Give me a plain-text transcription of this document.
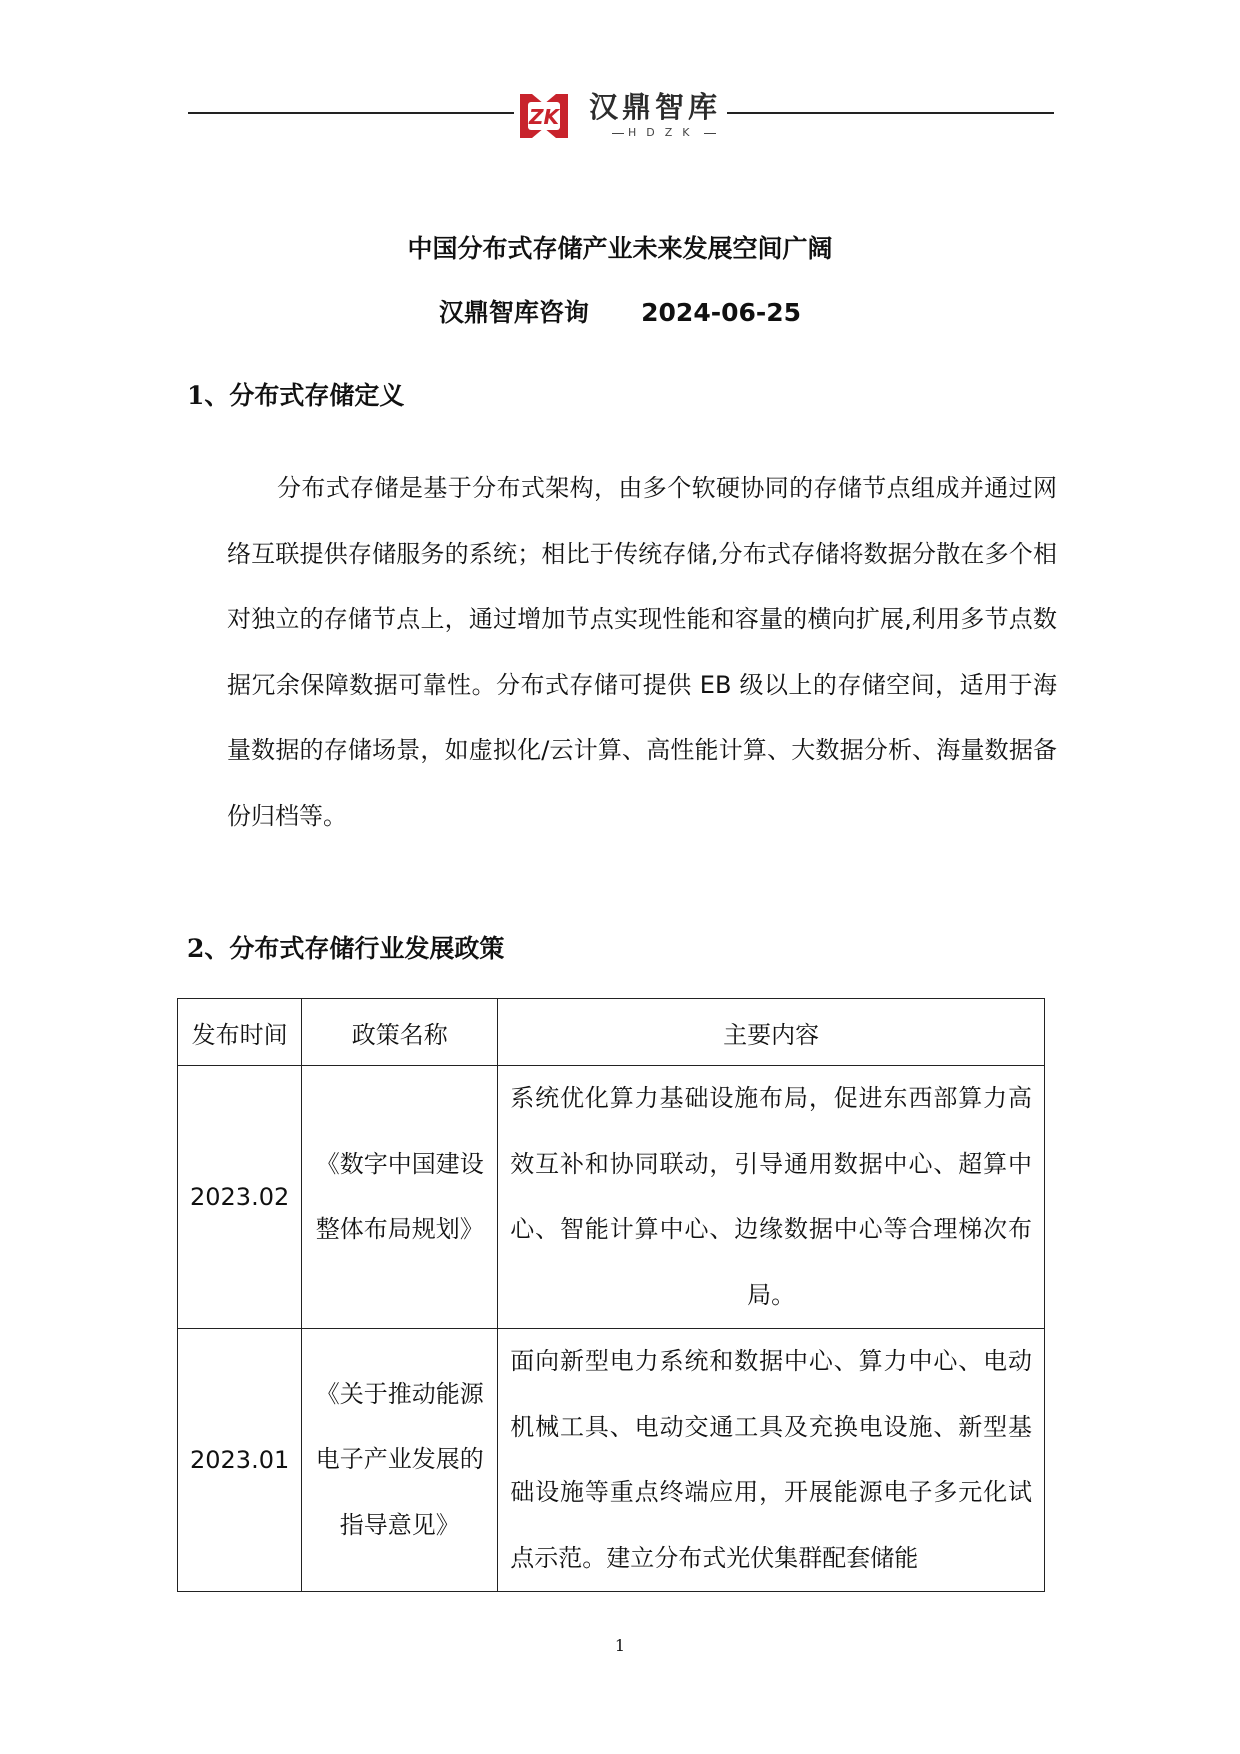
ZK 汉鼎智库
HDZK
中国分布式存储产业未来发展空间广阔
汉鼎智库咨询      2024-06-25
1、分布式存储定义

分布式存储是基于分布式架构，由多个软硬协同的存储节点组成并通过网络互联提供存储服务的系统；相比于传统存储,分布式存储将数据分散在多个相对独立的存储节点上，通过增加节点实现性能和容量的横向扩展,利用多节点数据冗余保障数据可靠性。分布式存储可提供 EB 级以上的存储空间，适用于海量数据的存储场景，如虚拟化/云计算、高性能计算、大数据分析、海量数据备份归档等。

2、分布式存储行业发展政策
发布时间	政策名称	主要内容
2023.02	《数字中国建设整体布局规划》	系统优化算力基础设施布局，促进东西部算力高效互补和协同联动，引导通用数据中心、超算中心、智能计算中心、边缘数据中心等合理梯次布局。
2023.01	《关于推动能源电子产业发展的指导意见》	面向新型电力系统和数据中心、算力中心、电动机械工具、电动交通工具及充换电设施、新型基础设施等重点终端应用，开展能源电子多元化试点示范。建立分布式光伏集群配套储能
1
